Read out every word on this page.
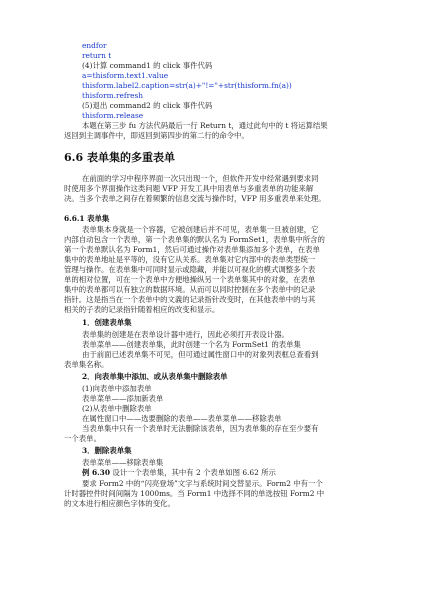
endfor
return t
(4)计算 command1 的 click 事件代码
a=thisform.text1.value
thisform.label2.caption=str(a)+"!="+str(thisform.fn(a))
thisform.refresh
(5)退出 command2 的 click 事件代码
thisform.release
本题在第三步 fu 方法代码最后一行 Return t，通过此句中的 t 将运算结果
返回到主调事件中，即返回到第四步的第二行的命令中。
6.6 表单集的多重表单
在前面的学习中程序界面一次只出现一个，但软件开发中经常遇到要求同
时使用多个界面操作这类问题 VFP 开发工具中用表单与多重表单的功能来解
决。当多个表单之间存在着频繁的信息交流与操作时，VFP 用多重表单来处理。
6.6.1 表单集
表单集本身就是一个容器，它被创建后并不可见，表单集一旦被创建，它
内部自动包含一个表单，第一个表单集的默认名为 FormSet1，表单集中所含的
第一个表单默认名为 Form1，然后可通过操作对表单集添加多个表单，在表单
集中的表单地址是平等的，没有它从关系。表单集对它内部中的表单类型统一
管理与操作。在表单集中可同时显示或隐藏，并能以可视化的模式调整多个表
单的相对位置，可在一个表单中方便地操纵另一个表单集其中的对象，在表单
集中的表单都可以有独立的数据环境。从而可以同时控制在多个表单中的记录
指针。这是指当在一个表单中的文義的记录指针改变时，在其他表单中的与其
相关的子表的记录指针随着相应的改变和显示。
1．创建表单集
表单集的创建是在表单设计器中进行，因此必须打开表设计器。
表单菜单——创建表单集，此时创建一个名为 FormSet1 的表单集
由于前面已述表单集不可见，但可通过属性窗口中的对象列表框总查看到
表单集名称。
2．向表单集中添加、或从表单集中删除表单
(1)向表单中添加表单
表单菜单——添加新表单
(2)从表单中删除表单
在属性窗口中——选要删除的表单——表单菜单——移除表单
当表单集中只有一个表单时无法删除该表单，因为表单集的存在至少要有
一个表单。
3．删除表单集
表单菜单——移除表单集
例 6.30 设计一个表单集，其中有 2 个表单如图 6.62 所示
要求 Form2 中的“闪亮登场”文字与系统时间交替显示。Form2 中有一个
计时器控件时间间隔为 1000ms。当 Form1 中选择不同的单选按钮 Form2 中
的文本进行相应颜色字体的变化。
